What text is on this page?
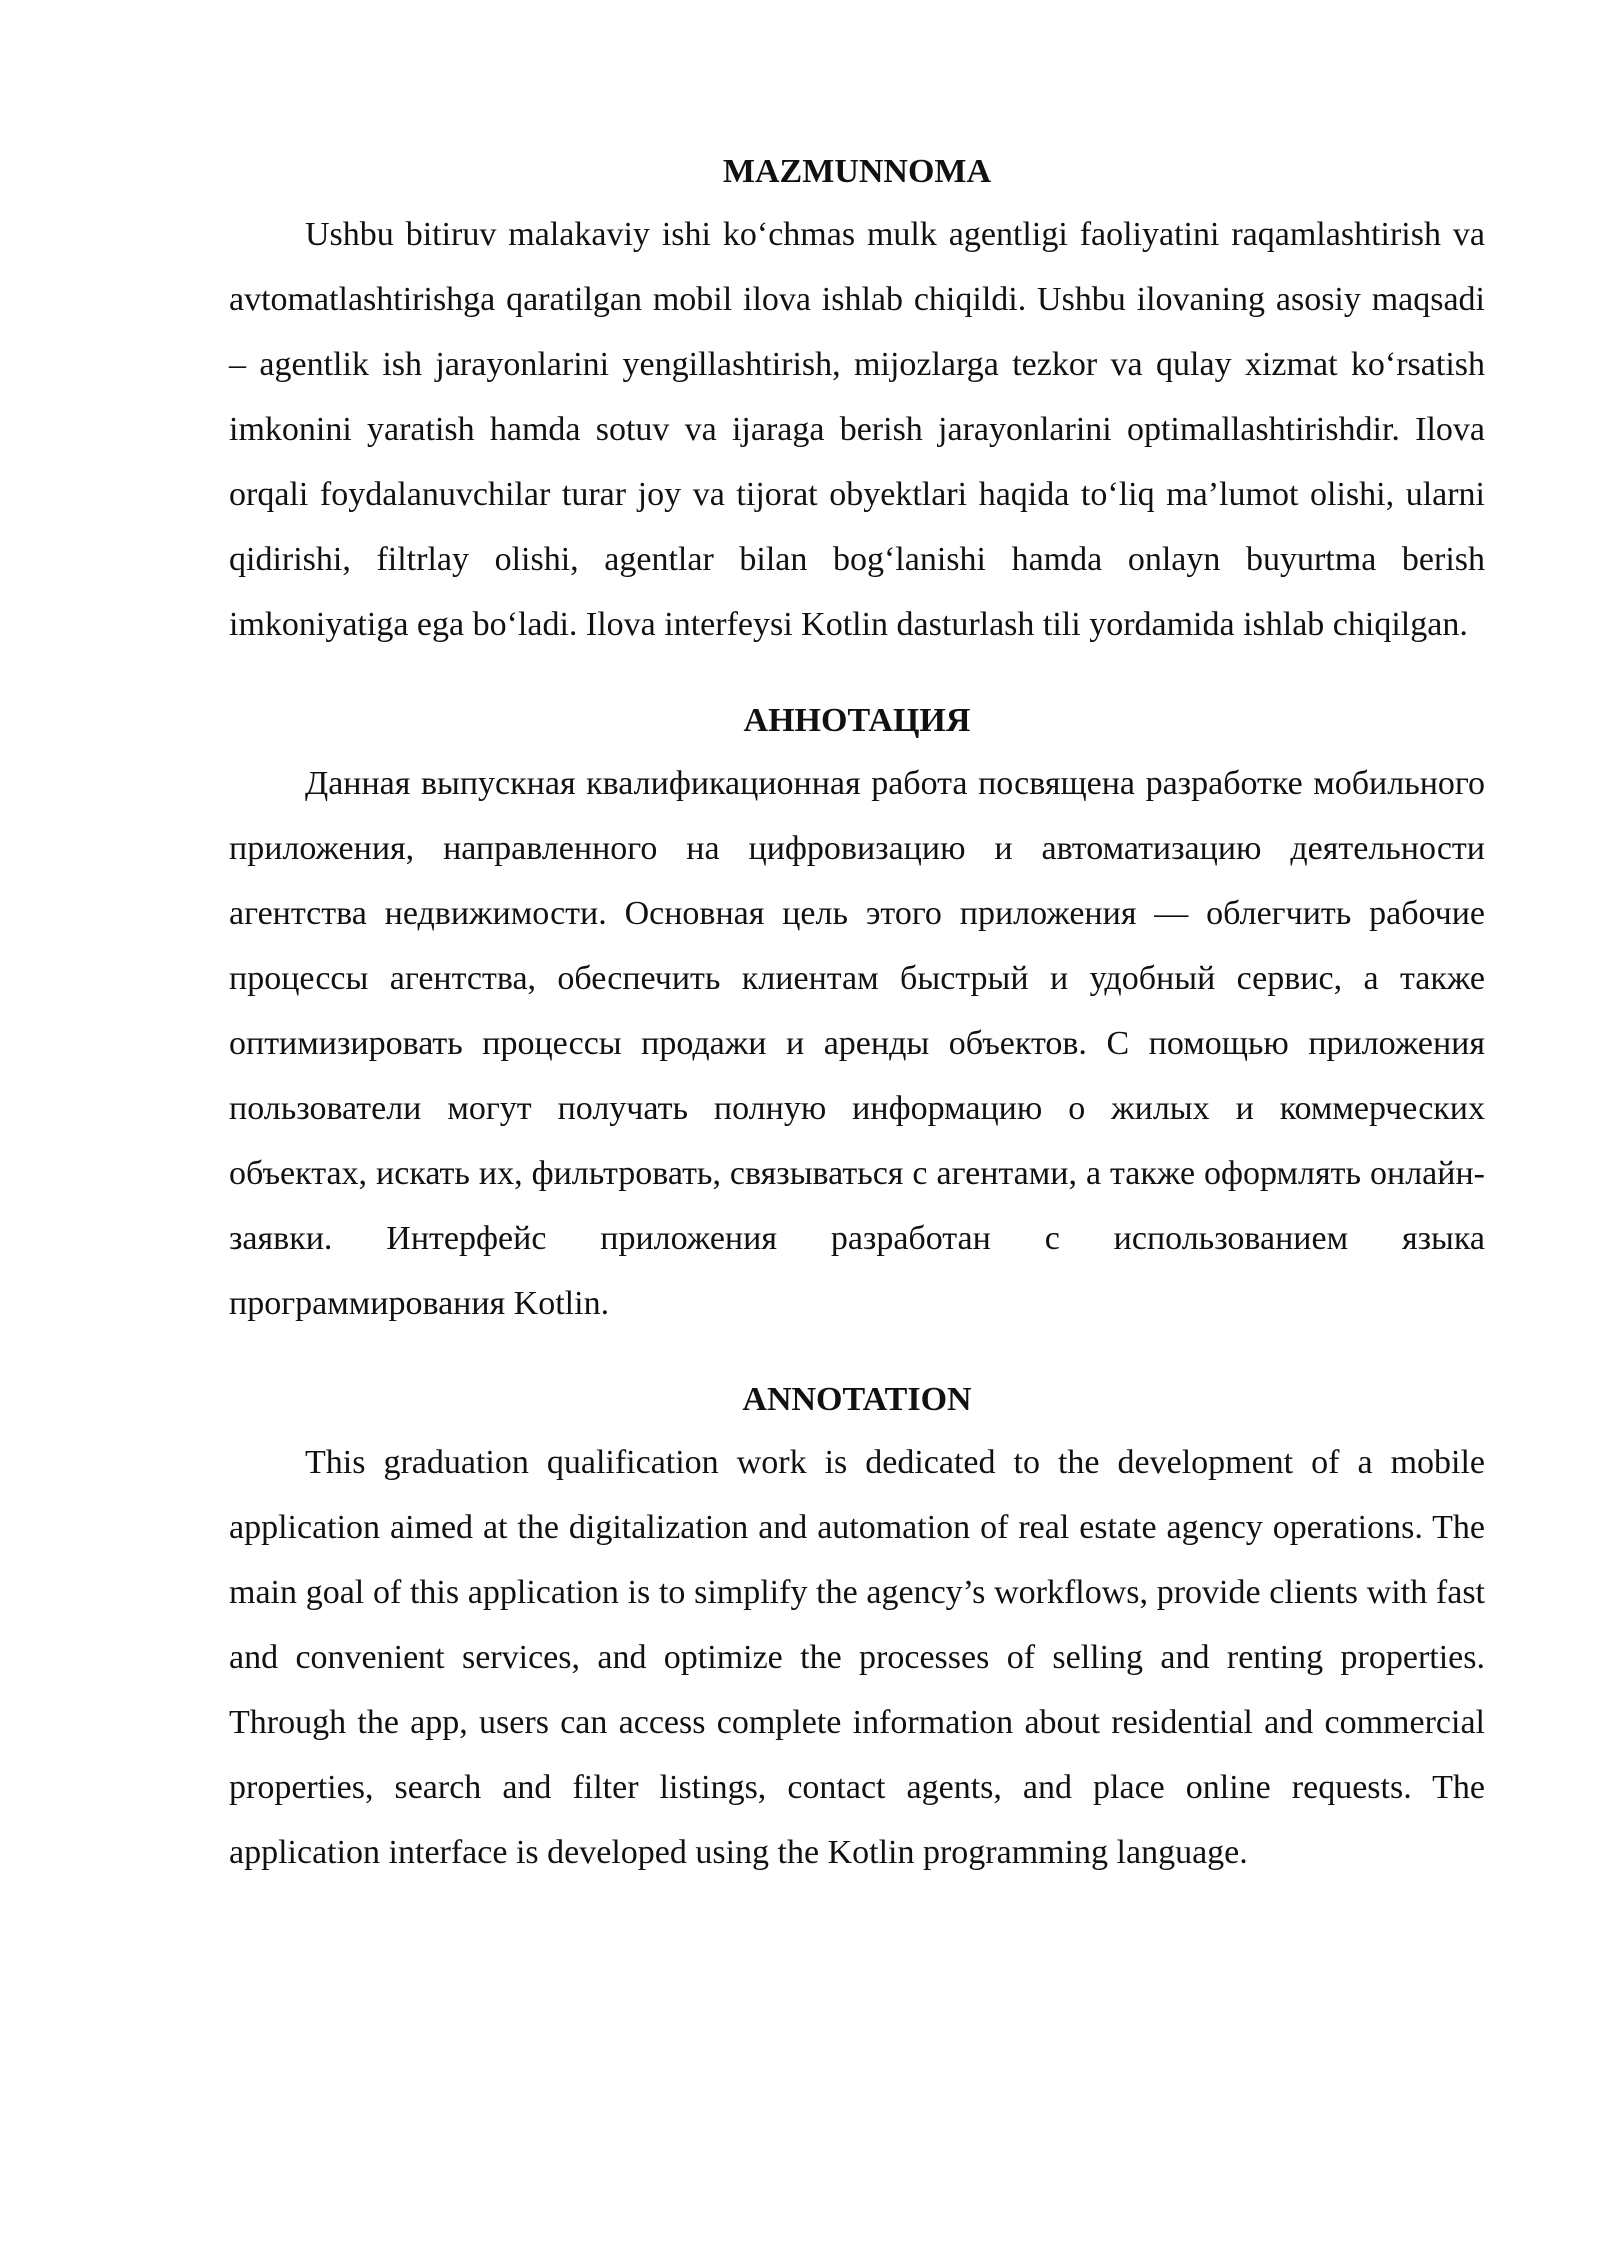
MAZMUNNOMA

Ushbu bitiruv malakaviy ishi ko‘chmas mulk agentligi faoliyatini raqamlashtirish va avtomatlashtirishga qaratilgan mobil ilova ishlab chiqildi. Ushbu ilovaning asosiy maqsadi – agentlik ish jarayonlarini yengillashtirish, mijozlarga tezkor va qulay xizmat ko‘rsatish imkonini yaratish hamda sotuv va ijaraga berish jarayonlarini optimallashtirishdir. Ilova orqali foydalanuvchilar turar joy va tijorat obyektlari haqida to‘liq ma’lumot olishi, ularni qidirishi, filtrlay olishi, agentlar bilan bog‘lanishi hamda onlayn buyurtma berish imkoniyatiga ega bo‘ladi. Ilova interfeysi Kotlin dasturlash tili yordamida ishlab chiqilgan.

АННОТАЦИЯ

Данная выпускная квалификационная работа посвящена разработке мобильного приложения, направленного на цифровизацию и автоматизацию деятельности агентства недвижимости. Основная цель этого приложения — облегчить рабочие процессы агентства, обеспечить клиентам быстрый и удобный сервис, а также оптимизировать процессы продажи и аренды объектов. С помощью приложения пользователи могут получать полную информацию о жилых и коммерческих объектах, искать их, фильтровать, связываться с агентами, а также оформлять онлайн-заявки. Интерфейс приложения разработан с использованием языка программирования Kotlin.

ANNOTATION

This graduation qualification work is dedicated to the development of a mobile application aimed at the digitalization and automation of real estate agency operations. The main goal of this application is to simplify the agency’s workflows, provide clients with fast and convenient services, and optimize the processes of selling and renting properties. Through the app, users can access complete information about residential and commercial properties, search and filter listings, contact agents, and place online requests. The application interface is developed using the Kotlin programming language.
